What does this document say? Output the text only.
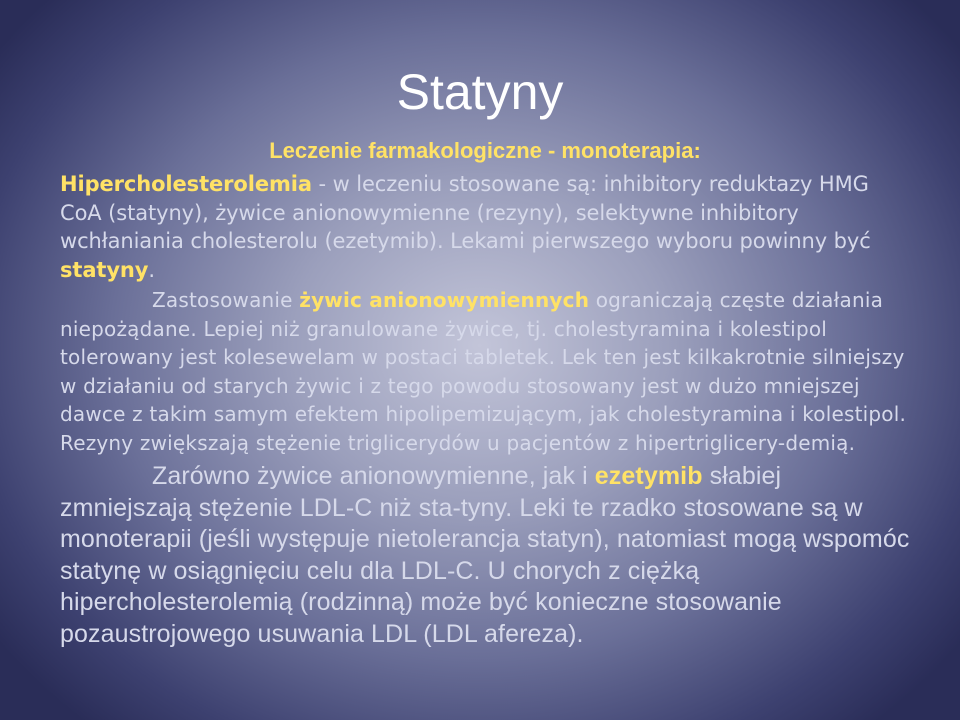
Statyny
Leczenie farmakologiczne - monoterapia:

Hipercholesterolemia - w leczeniu stosowane są: inhibitory reduktazy HMG CoA (statyny), żywice anionowymienne (rezyny), selektywne inhibitory wchłaniania cholesterolu (ezetymib). Lekami pierwszego wyboru powinny być statyny.

Zastosowanie żywic anionowymiennych ograniczają częste działania niepożądane. Lepiej niż granulowane żywice, tj. cholestyramina i kolestipol tolerowany jest kolesewelam w postaci tabletek. Lek ten jest kilkakrotnie silniejszy w działaniu od starych żywic i z tego powodu stosowany jest w dużo mniejszej dawce z takim samym efektem hipolipemizującym, jak cholestyramina i kolestipol. Rezyny zwiększają stężenie triglicerydów u pacjentów z hipertriglicery-demią.

Zarówno żywice anionowymienne, jak i ezetymib słabiej zmniejszają stężenie LDL-C niż sta-tyny. Leki te rzadko stosowane są w monoterapii (jeśli występuje nietolerancja statyn), natomiast mogą wspomóc statynę w osiągnięciu celu dla LDL-C. U chorych z ciężką hipercholesterolemią (rodzinną) może być konieczne stosowanie pozaustrojowego usuwania LDL (LDL afereza).
